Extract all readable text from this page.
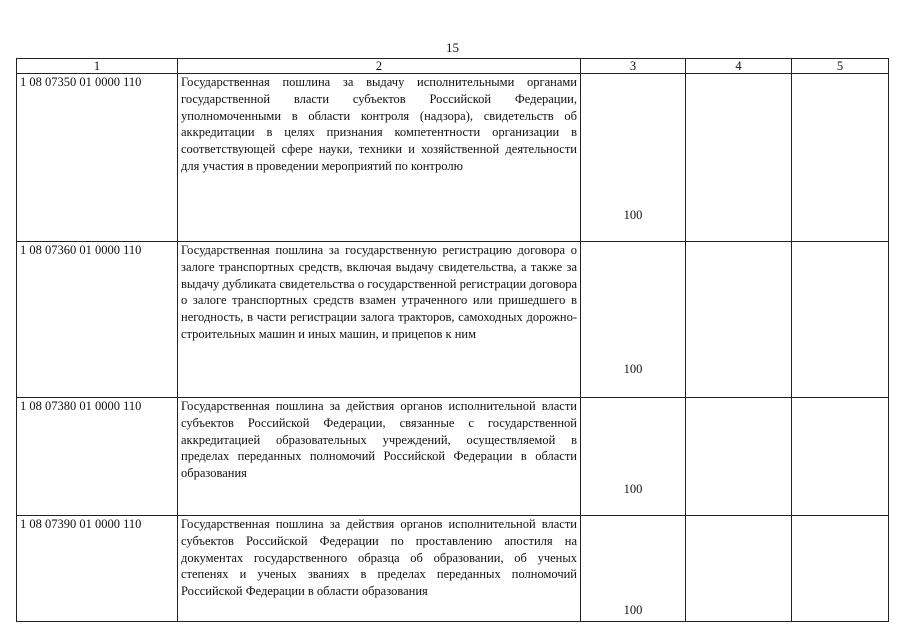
15
1	2	3	4	5
1 08 07350 01 0000 110	Государственная пошлина за выдачу исполнительными органами государственной власти субъектов Российской Федерации, уполномоченными в области контроля (надзора), свидетельств об аккредитации в целях признания компетентности организации в соответствующей сфере науки, техники и хозяйственной деятельности для участия в проведении мероприятий по контролю	100		
1 08 07360 01 0000 110	Государственная пошлина за государственную регистрацию договора о залоге транспортных средств, включая выдачу свидетельства, а также за выдачу дубликата свидетельства о государственной регистрации договора о залоге транспортных средств взамен утраченного или пришедшего в негодность, в части регистрации залога тракторов, самоходных дорожно-строительных машин и иных машин, и прицепов к ним	100		
1 08 07380 01 0000 110	Государственная пошлина за действия органов исполнительной власти субъектов Российской Федерации, связанные с государственной аккредитацией образовательных учреждений, осуществляемой в пределах переданных полномочий Российской Федерации в области образования	100		
1 08 07390 01 0000 110	Государственная пошлина за действия органов исполнительной власти субъектов Российской Федерации по проставлению апостиля на документах государственного образца об образовании, об ученых степенях и ученых званиях в пределах переданных полномочий Российской Федерации в области образования	100		
